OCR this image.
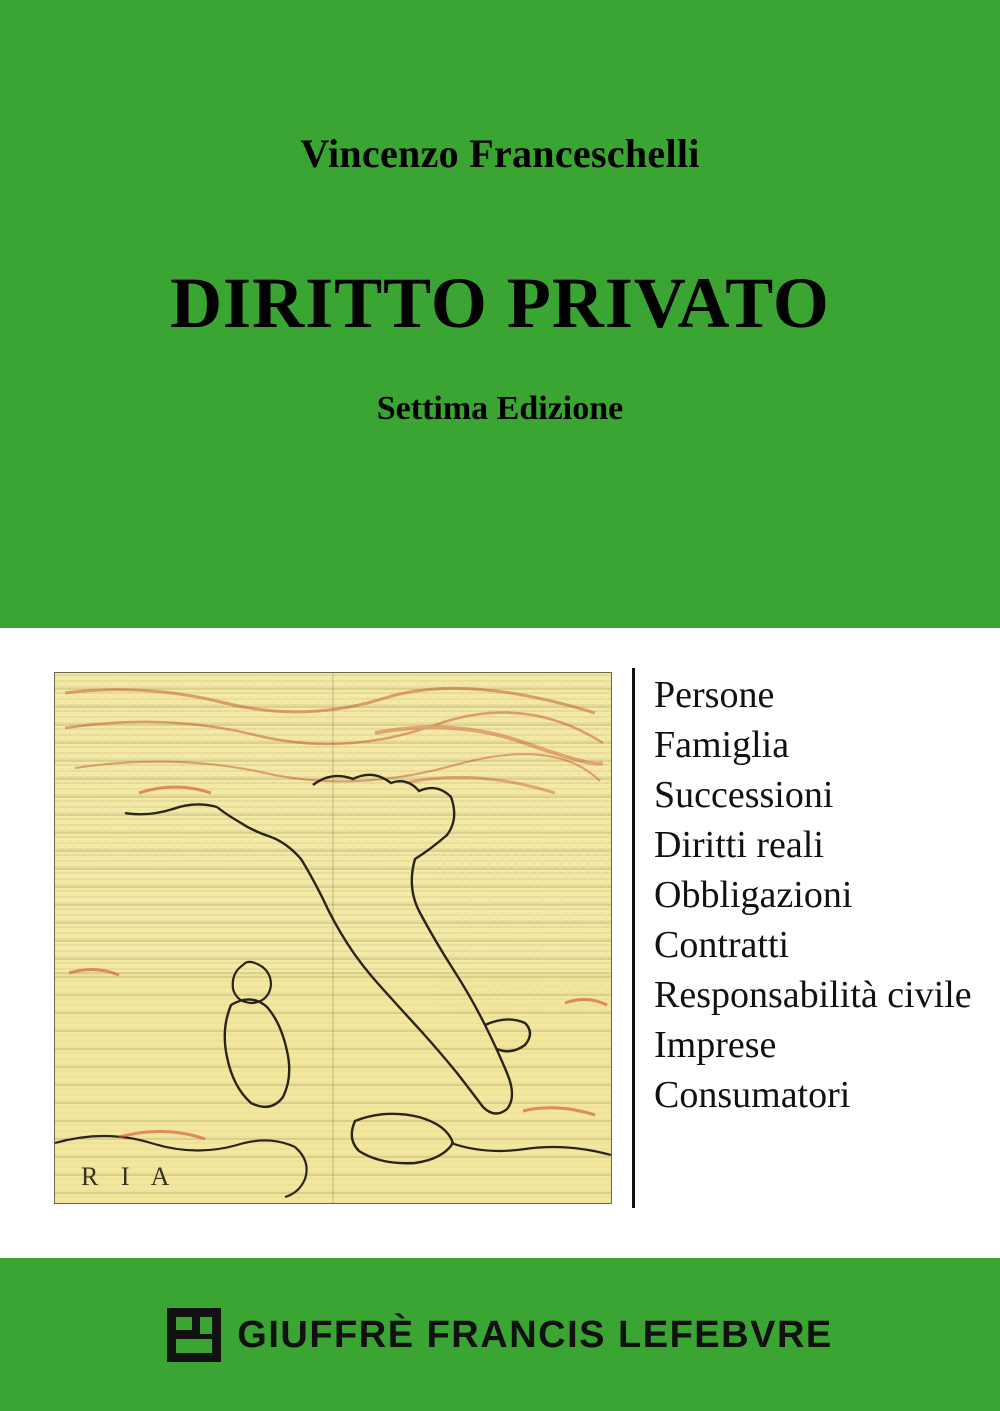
Vincenzo Franceschelli
DIRITTO PRIVATO
Settima Edizione
R I A
Persone
Famiglia
Successioni
Diritti reali
Obbligazioni
Contratti
Responsabilità civile
Imprese
Consumatori
GIUFFRÈ FRANCIS LEFEBVRE
